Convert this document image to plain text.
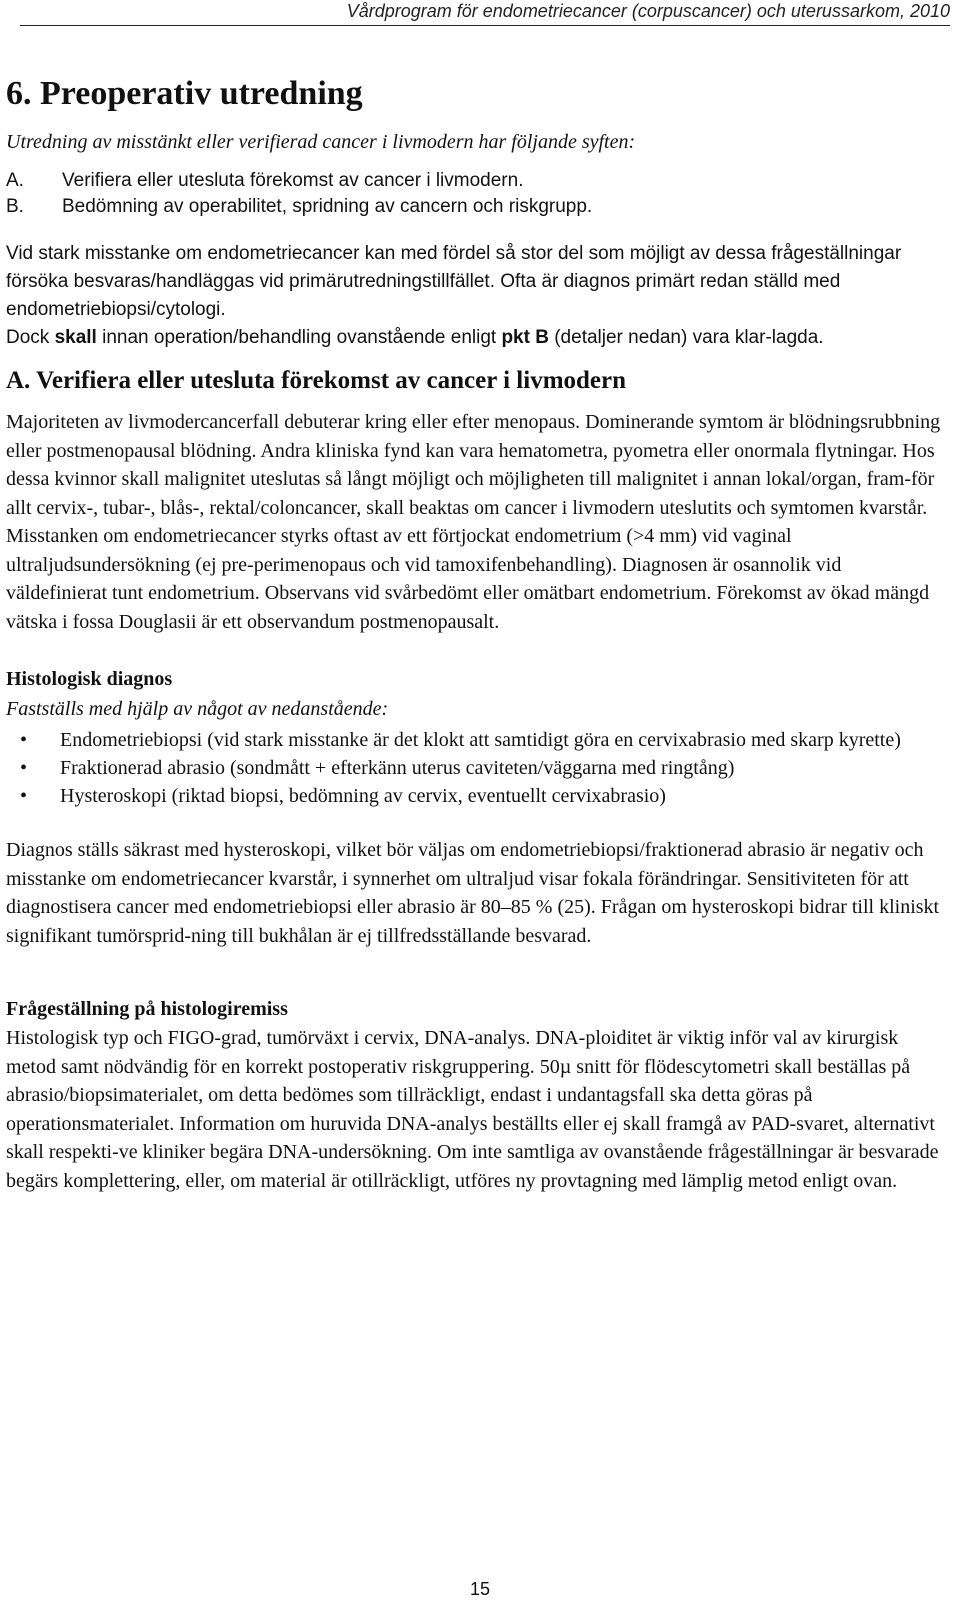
Vårdprogram för endometriecancer (corpuscancer) och uterussarkom, 2010
6. Preoperativ utredning

Utredning av misstänkt eller verifierad cancer i livmodern har följande syften:

A.	Verifiera eller utesluta förekomst av cancer i livmodern.
B.	Bedömning av operabilitet, spridning av cancern och riskgrupp.

Vid stark misstanke om endometriecancer kan med fördel så stor del som möjligt av dessa frågeställningar försöka besvaras/handläggas vid primärutredningstillfället. Ofta är diagnos primärt redan ställd med endometriebiopsi/cytologi.
Dock skall innan operation/behandling ovanstående enligt pkt B (detaljer nedan) vara klar-lagda.

A. Verifiera eller utesluta förekomst av cancer i livmodern

Majoriteten av livmodercancerfall debuterar kring eller efter menopaus. Dominerande symtom är blödningsrubbning eller postmenopausal blödning. Andra kliniska fynd kan vara hematometra, pyometra eller onormala flytningar. Hos dessa kvinnor skall malignitet uteslutas så långt möjligt och möjligheten till malignitet i annan lokal/organ, fram-för allt cervix-, tubar-, blås-, rektal/coloncancer, skall beaktas om cancer i livmodern uteslutits och symtomen kvarstår. Misstanken om endometriecancer styrks oftast av ett förtjockat endometrium (>4 mm) vid vaginal ultraljudsundersökning (ej pre-perimenopaus och vid tamoxifenbehandling). Diagnosen är osannolik vid väldefinierat tunt endometrium. Observans vid svårbedömt eller omätbart endometrium. Förekomst av ökad mängd vätska i fossa Douglasii är ett observandum postmenopausalt.

Histologisk diagnos

Fastställs med hjälp av något av nedanstående:

• Endometriebiopsi (vid stark misstanke är det klokt att samtidigt göra en cervixabrasio med skarp kyrette)
• Fraktionerad abrasio (sondmått + efterkänn uterus caviteten/väggarna med ringtång)
• Hysteroskopi (riktad biopsi, bedömning av cervix, eventuellt cervixabrasio)

Diagnos ställs säkrast med hysteroskopi, vilket bör väljas om endometriebiopsi/fraktionerad abrasio är negativ och misstanke om endometriecancer kvarstår, i synnerhet om ultraljud visar fokala förändringar. Sensitiviteten för att diagnostisera cancer med endometriebiopsi eller abrasio är 80–85 % (25). Frågan om hysteroskopi bidrar till kliniskt signifikant tumörsprid-ning till bukhålan är ej tillfredsställande besvarad.

Frågeställning på histologiremiss

Histologisk typ och FIGO-grad, tumörväxt i cervix, DNA-analys. DNA-ploiditet är viktig inför val av kirurgisk metod samt nödvändig för en korrekt postoperativ riskgruppering. 50µ snitt för flödescytometri skall beställas på abrasio/biopsimaterialet, om detta bedömes som tillräckligt, endast i undantagsfall ska detta göras på operationsmaterialet. Information om huruvida DNA-analys beställts eller ej skall framgå av PAD-svaret, alternativt skall respekti-ve kliniker begära DNA-undersökning. Om inte samtliga av ovanstående frågeställningar är besvarade begärs komplettering, eller, om material är otillräckligt, utföres ny provtagning med lämplig metod enligt ovan.

15
